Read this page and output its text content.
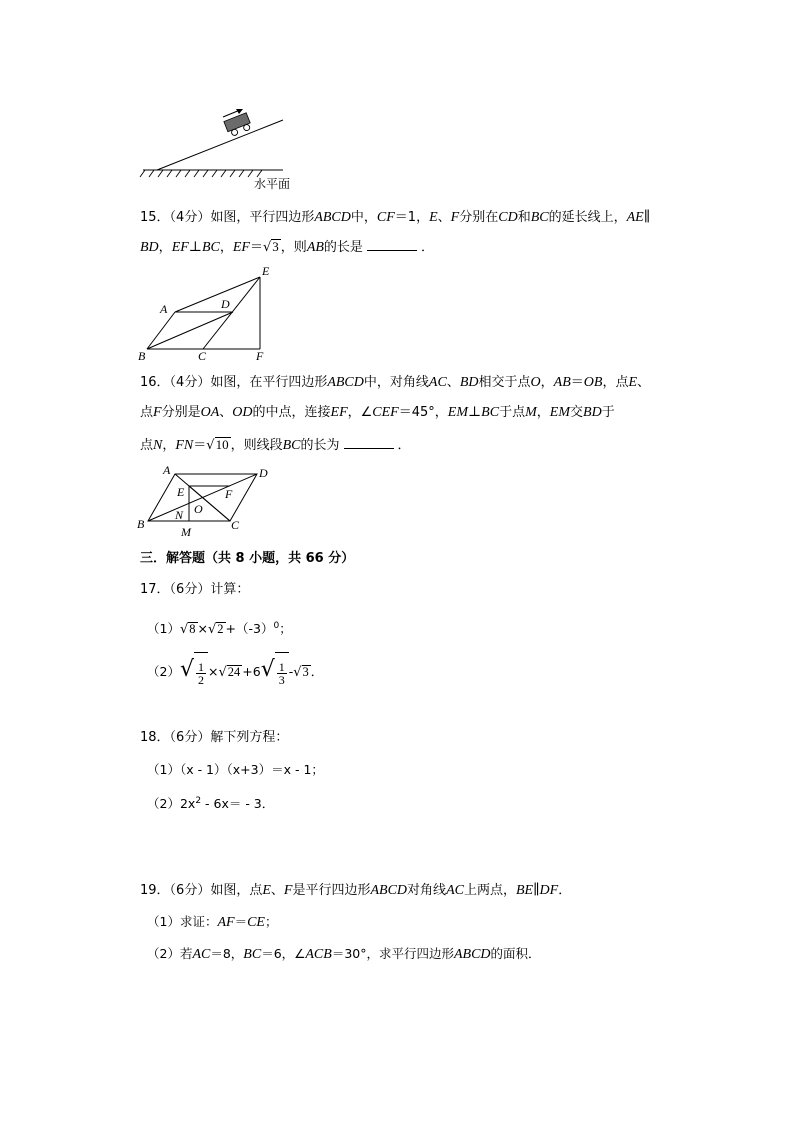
水平面
15．（4分）如图，平行四边形ABCD中，CF＝1，E、F分别在CD和BC的延长线上，AE∥
BD，EF⊥BC，EF＝√3 ，则AB的长是	．
E
A	D
B	C	F
16．（4分）如图，在平行四边形ABCD中，对角线AC、BD相交于点O，AB＝OB，点E、
点F分别是OA、OD的中点，连接EF，∠CEF＝45°，EM⊥BC于点M，EM交BD于
点N，FN＝√10 ，则线段BC的长为	．
A	D
E	F
O
N
B	C
M
三．解答题（共 8 小题，共 66 分）
17．（6分）计算：
$(1)√8 \times√2 +(-3)^0$；
$(2)√ \frac{1}{2} \times√24 +6√ \frac{1}{3} -√3$ ．
18．（6分）解下列方程：
（1）（x - 1）（x+3）＝x - 1；
$(2)2x^2 - 6x= - 3$．
19．（6分）如图，点E、F是平行四边形ABCD对角线AC上两点，BE∥DF．
（1）求证：AF＝CE；
（2）若AC＝8，BC＝6，∠ACB＝30°，求平行四边形ABCD的面积．
